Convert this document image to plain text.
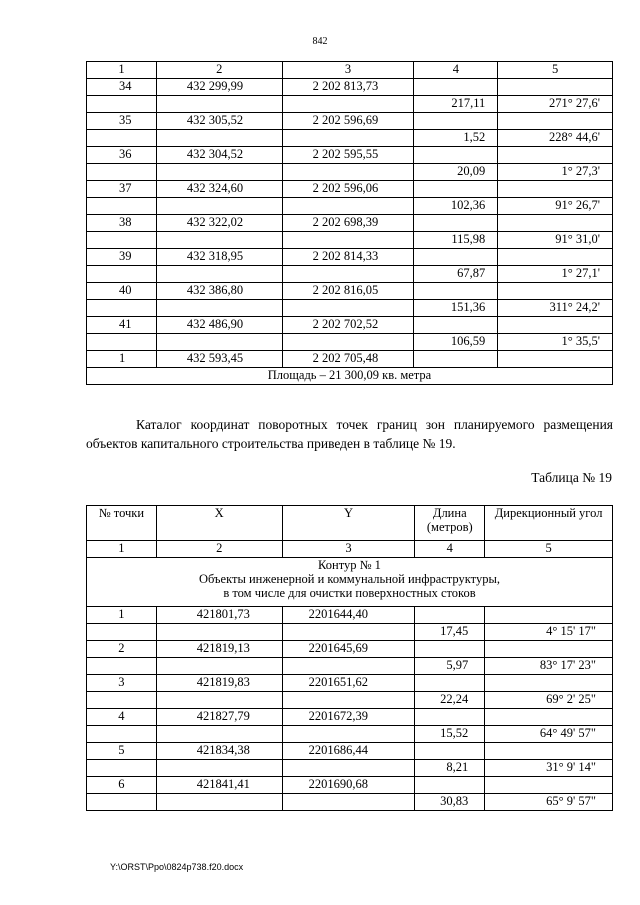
842
1	2	3	4	5
34	432 299,99	2 202 813,73		
			217,11	271° 27,6'
35	432 305,52	2 202 596,69		
			1,52	228° 44,6'
36	432 304,52	2 202 595,55		
			20,09	1° 27,3'
37	432 324,60	2 202 596,06		
			102,36	91° 26,7'
38	432 322,02	2 202 698,39		
			115,98	91° 31,0'
39	432 318,95	2 202 814,33		
			67,87	1° 27,1'
40	432 386,80	2 202 816,05		
			151,36	311° 24,2'
41	432 486,90	2 202 702,52		
			106,59	1° 35,5'
1	432 593,45	2 202 705,48		
Площадь – 21 300,09 кв. метра				
Каталог координат поворотных точек границ зон планируемого размещения объектов капитального строительства приведен в таблице № 19.
Таблица № 19
№ точки	X	Y	Длина (метров)	Дирекционный угол
1	2	3	4	5

Контур № 1
Объекты инженерной и коммунальной инфраструктуры,
в том числе для очистки поверхностных стоков				

1	421801,73	2201644,40		
			17,45	4° 15' 17"
2	421819,13	2201645,69		
			5,97	83° 17' 23"
3	421819,83	2201651,62		
			22,24	69° 2' 25"
4	421827,79	2201672,39		
			15,52	64° 49' 57"
5	421834,38	2201686,44		
			8,21	31° 9' 14"
6	421841,41	2201690,68		
			30,83	65° 9' 57"
Y:\ORST\Ppo\0824p738.f20.docx
